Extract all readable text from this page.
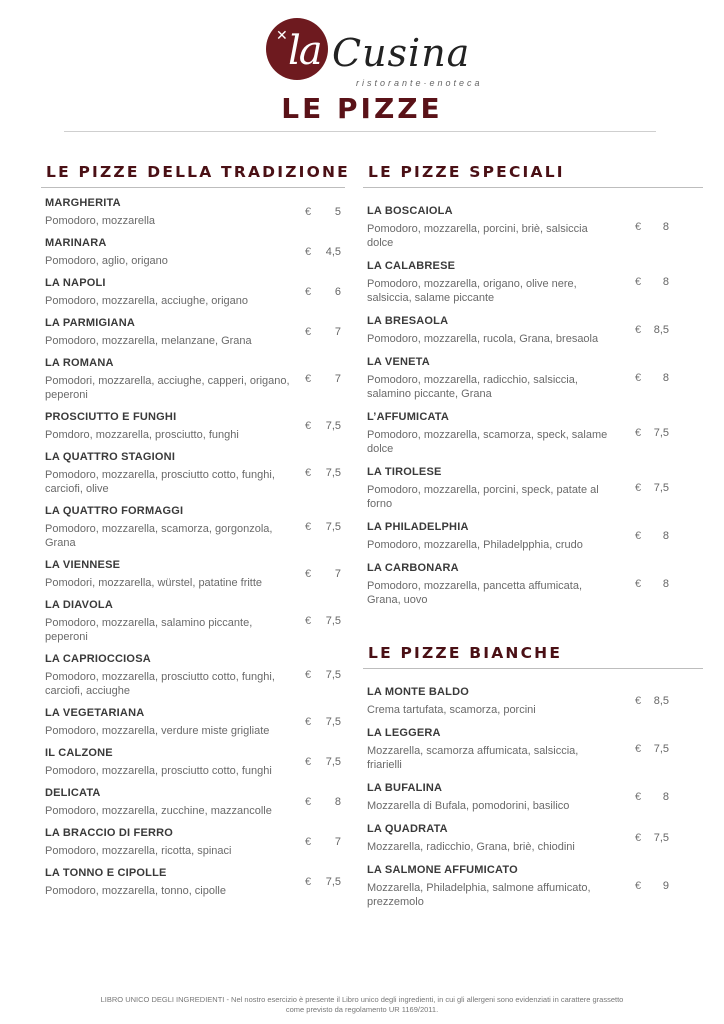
✕ la Cusina
ristorante·enoteca
LE PIZZE
LE PIZZE DELLA TRADIZIONE
MARGHERITA
Pomodoro, mozzarella
€ 5
MARINARA
Pomodoro, aglio, origano
€ 4,5
LA NAPOLI
Pomodoro, mozzarella, acciughe, origano
€ 6
LA PARMIGIANA
Pomodoro, mozzarella, melanzane, Grana
€ 7
LA ROMANA
Pomodori, mozzarella, acciughe, capperi, origano, peperoni
€ 7
PROSCIUTTO E FUNGHI
Pomdoro, mozzarella, prosciutto, funghi
€ 7,5
LA QUATTRO STAGIONI
Pomodoro, mozzarella, prosciutto cotto, funghi, carciofi, olive
€ 7,5
LA QUATTRO FORMAGGI
Pomodoro, mozzarella, scamorza, gorgonzola, Grana
€ 7,5
LA VIENNESE
Pomodori, mozzarella, würstel, patatine fritte
€ 7
LA DIAVOLA
Pomodoro, mozzarella, salamino piccante, peperoni
€ 7,5
LA CAPRIOCCIOSA
Pomodoro, mozzarella, prosciutto cotto, funghi, carciofi, acciughe
€ 7,5
LA VEGETARIANA
Pomodoro, mozzarella, verdure miste grigliate
€ 7,5
IL CALZONE
Pomodoro, mozzarella, prosciutto cotto, funghi
€ 7,5
DELICATA
Pomodoro, mozzarella, zucchine, mazzancolle
€ 8
LA BRACCIO DI FERRO
Pomodoro, mozzarella, ricotta, spinaci
€ 7
LA TONNO E CIPOLLE
Pomodoro, mozzarella, tonno, cipolle
€ 7,5
LE PIZZE SPECIALI
LA BOSCAIOLA
Pomodoro, mozzarella, porcini, briè, salsiccia dolce
€ 8
LA CALABRESE
Pomodoro, mozzarella, origano, olive nere, salsiccia, salame piccante
€ 8
LA BRESAOLA
Pomodoro, mozzarella, rucola, Grana, bresaola
€ 8,5
LA VENETA
Pomodoro, mozzarella, radicchio, salsiccia, salamino piccante, Grana
€ 8
L’AFFUMICATA
Pomodoro, mozzarella, scamorza, speck, salame dolce
€ 7,5
LA TIROLESE
Pomodoro, mozzarella, porcini, speck, patate al forno
€ 7,5
LA PHILADELPHIA
Pomodoro, mozzarella, Philadelpphia, crudo
€ 8
LA CARBONARA
Pomodoro, mozzarella, pancetta affumicata, Grana, uovo
€ 8
LE PIZZE BIANCHE
LA MONTE BALDO
Crema tartufata, scamorza, porcini
€ 8,5
LA LEGGERA
Mozzarella, scamorza affumicata, salsiccia, friarielli
€ 7,5
LA BUFALINA
Mozzarella di Bufala, pomodorini, basilico
€ 8
LA QUADRATA
Mozzarella, radicchio, Grana, briè, chiodini
€ 7,5
LA SALMONE AFFUMICATO
Mozzarella, Philadelphia, salmone affumicato, prezzemolo
€ 9
LIBRO UNICO DEGLI INGREDIENTI - Nel nostro esercizio è presente il Libro unico degli ingredienti, in cui gli allergeni sono evidenziati in carattere grassetto
come previsto da regolamento UR 1169/2011.
